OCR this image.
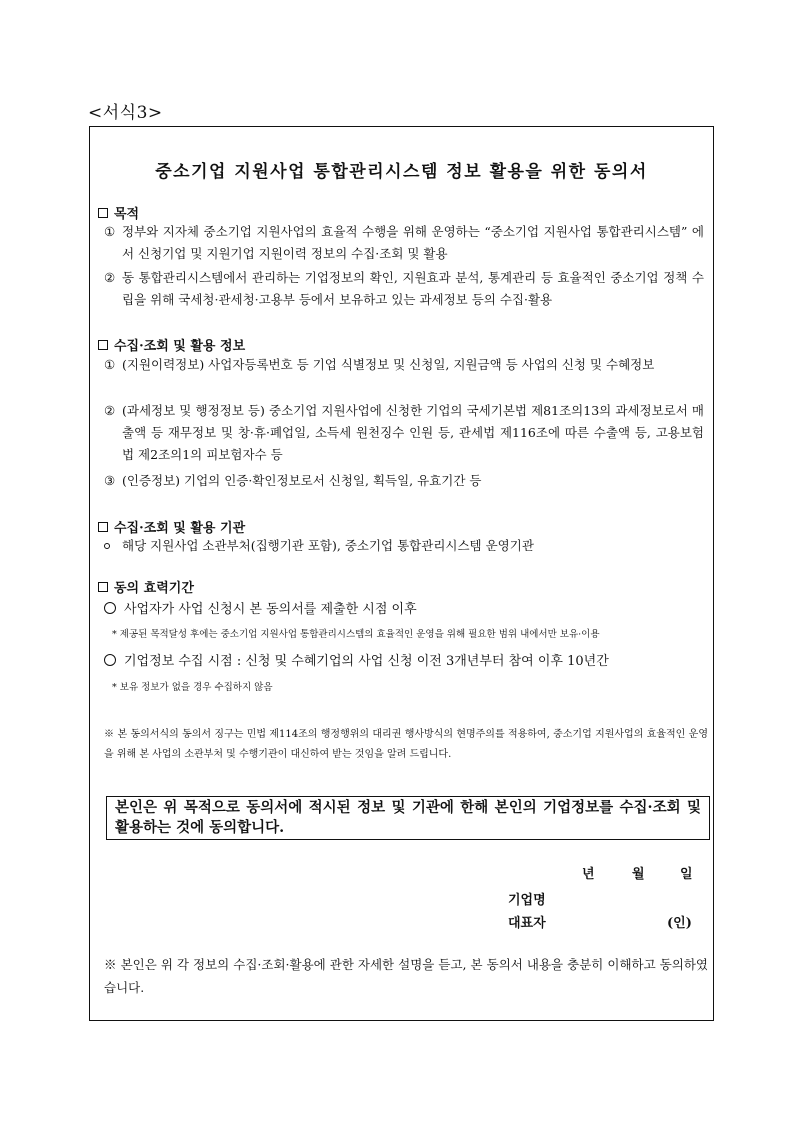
<서식3>
중소기업 지원사업 통합관리시스템 정보 활용을 위한 동의서
목적
① 정부와 지자체 중소기업 지원사업의 효율적 수행을 위해 운영하는 “중소기업 지원사업 통합관리시스템” 에서 신청기업 및 지원기업 지원이력 정보의 수집·조회 및 활용
② 동 통합관리시스템에서 관리하는 기업정보의 확인, 지원효과 분석, 통계관리 등 효율적인 중소기업 정책 수립을 위해 국세청·관세청·고용부 등에서 보유하고 있는 과세정보 등의 수집·활용
수집·조회 및 활용 정보
① (지원이력정보) 사업자등록번호 등 기업 식별정보 및 신청일, 지원금액 등 사업의 신청 및 수혜정보
② (과세정보 및 행정정보 등) 중소기업 지원사업에 신청한 기업의 국세기본법 제81조의13의 과세정보로서 매출액 등 재무정보 및 창·휴·폐업일, 소득세 원천징수 인원 등, 관세법 제116조에 따른 수출액 등, 고용보험법 제2조의1의 피보험자수 등
③ (인증정보) 기업의 인증·확인정보로서 신청일, 획득일, 유효기간 등
수집·조회 및 활용 기관
해당 지원사업 소관부처(집행기관 포함), 중소기업 통합관리시스템 운영기관
동의 효력기간
사업자가 사업 신청시 본 동의서를 제출한 시점 이후
* 제공된 목적달성 후에는 중소기업 지원사업 통합관리시스템의 효율적인 운영을 위해 필요한 범위 내에서만 보유·이용
기업정보 수집 시점 : 신청 및 수혜기업의 사업 신청 이전 3개년부터 참여 이후 10년간
* 보유 정보가 없을 경우 수집하지 않음
※ 본 동의서식의 동의서 징구는 민법 제114조의 행정행위의 대리권 행사방식의 현명주의를 적용하여, 중소기업 지원사업의 효율적인 운영을 위해 본 사업의 소관부처 및 수행기관이 대신하여 받는 것임을 알려 드립니다.
본인은 위 목적으로 동의서에 적시된 정보 및 기관에 한해 본인의 기업정보를 수집·조회 및 활용하는 것에 동의합니다.
년	월	일
기업명
대표자	(인)
※ 본인은 위 각 정보의 수집·조회·활용에 관한 자세한 설명을 듣고, 본 동의서 내용을 충분히 이해하고 동의하였습니다.
